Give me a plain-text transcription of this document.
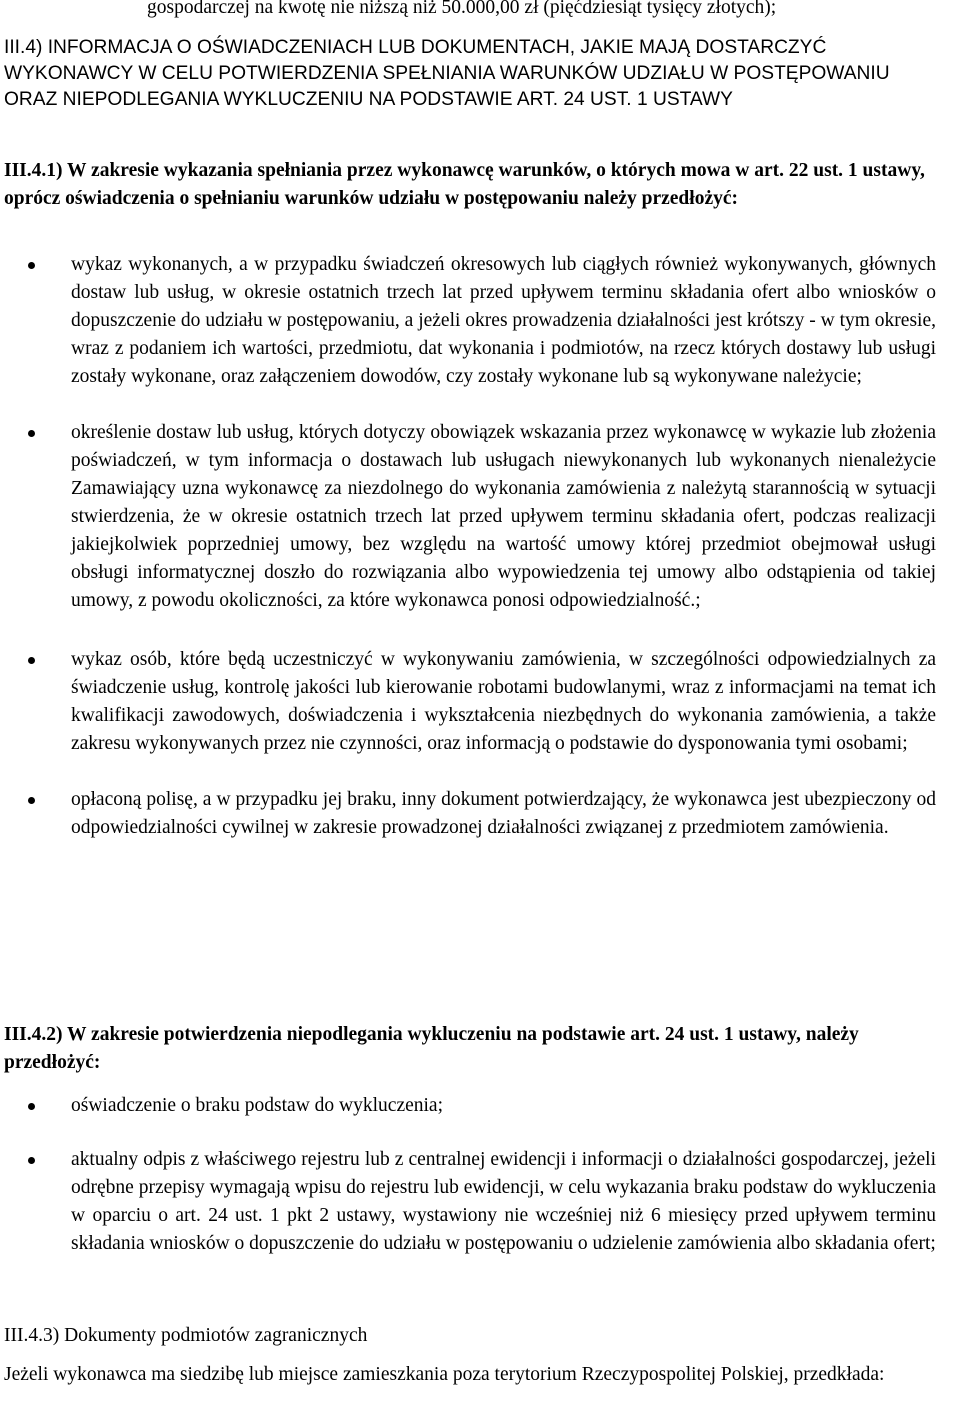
gospodarczej na kwotę nie niższą niż 50.000,00 zł (pięćdziesiąt tysięcy złotych);
III.4) INFORMACJA O OŚWIADCZENIACH LUB DOKUMENTACH, JAKIE MAJĄ DOSTARCZYĆ WYKONAWCY W CELU POTWIERDZENIA SPEŁNIANIA WARUNKÓW UDZIAŁU W POSTĘPOWANIU ORAZ NIEPODLEGANIA WYKLUCZENIU NA PODSTAWIE ART. 24 UST. 1 USTAWY
III.4.1) W zakresie wykazania spełniania przez wykonawcę warunków, o których mowa w art. 22 ust. 1 ustawy, oprócz oświadczenia o spełnianiu warunków udziału w postępowaniu należy przedłożyć:
wykaz wykonanych, a w przypadku świadczeń okresowych lub ciągłych również wykonywanych, głównych dostaw lub usług, w okresie ostatnich trzech lat przed upływem terminu składania ofert albo wniosków o dopuszczenie do udziału w postępowaniu, a jeżeli okres prowadzenia działalności jest krótszy - w tym okresie, wraz z podaniem ich wartości, przedmiotu, dat wykonania i podmiotów, na rzecz których dostawy lub usługi zostały wykonane, oraz załączeniem dowodów, czy zostały wykonane lub są wykonywane należycie;
określenie dostaw lub usług, których dotyczy obowiązek wskazania przez wykonawcę w wykazie lub złożenia poświadczeń, w tym informacja o dostawach lub usługach niewykonanych lub wykonanych nienależycie Zamawiający uzna wykonawcę za niezdolnego do wykonania zamówienia z należytą starannością w sytuacji stwierdzenia, że w okresie ostatnich trzech lat przed upływem terminu składania ofert, podczas realizacji jakiejkolwiek poprzedniej umowy, bez względu na wartość umowy której przedmiot obejmował usługi obsługi informatycznej doszło do rozwiązania albo wypowiedzenia tej umowy albo odstąpienia od takiej umowy, z powodu okoliczności, za które wykonawca ponosi odpowiedzialność.;
wykaz osób, które będą uczestniczyć w wykonywaniu zamówienia, w szczególności odpowiedzialnych za świadczenie usług, kontrolę jakości lub kierowanie robotami budowlanymi, wraz z informacjami na temat ich kwalifikacji zawodowych, doświadczenia i wykształcenia niezbędnych do wykonania zamówienia, a także zakresu wykonywanych przez nie czynności, oraz informacją o podstawie do dysponowania tymi osobami;
opłaconą polisę, a w przypadku jej braku, inny dokument potwierdzający, że wykonawca jest ubezpieczony od odpowiedzialności cywilnej w zakresie prowadzonej działalności związanej z przedmiotem zamówienia.
III.4.2) W zakresie potwierdzenia niepodlegania wykluczeniu na podstawie art. 24 ust. 1 ustawy, należy przedłożyć:
oświadczenie o braku podstaw do wykluczenia;
aktualny odpis z właściwego rejestru lub z centralnej ewidencji i informacji o działalności gospodarczej, jeżeli odrębne przepisy wymagają wpisu do rejestru lub ewidencji, w celu wykazania braku podstaw do wykluczenia w oparciu o art. 24 ust. 1 pkt 2 ustawy, wystawiony nie wcześniej niż 6 miesięcy przed upływem terminu składania wniosków o dopuszczenie do udziału w postępowaniu o udzielenie zamówienia albo składania ofert;
III.4.3) Dokumenty podmiotów zagranicznych
Jeżeli wykonawca ma siedzibę lub miejsce zamieszkania poza terytorium Rzeczypospolitej Polskiej, przedkłada:
